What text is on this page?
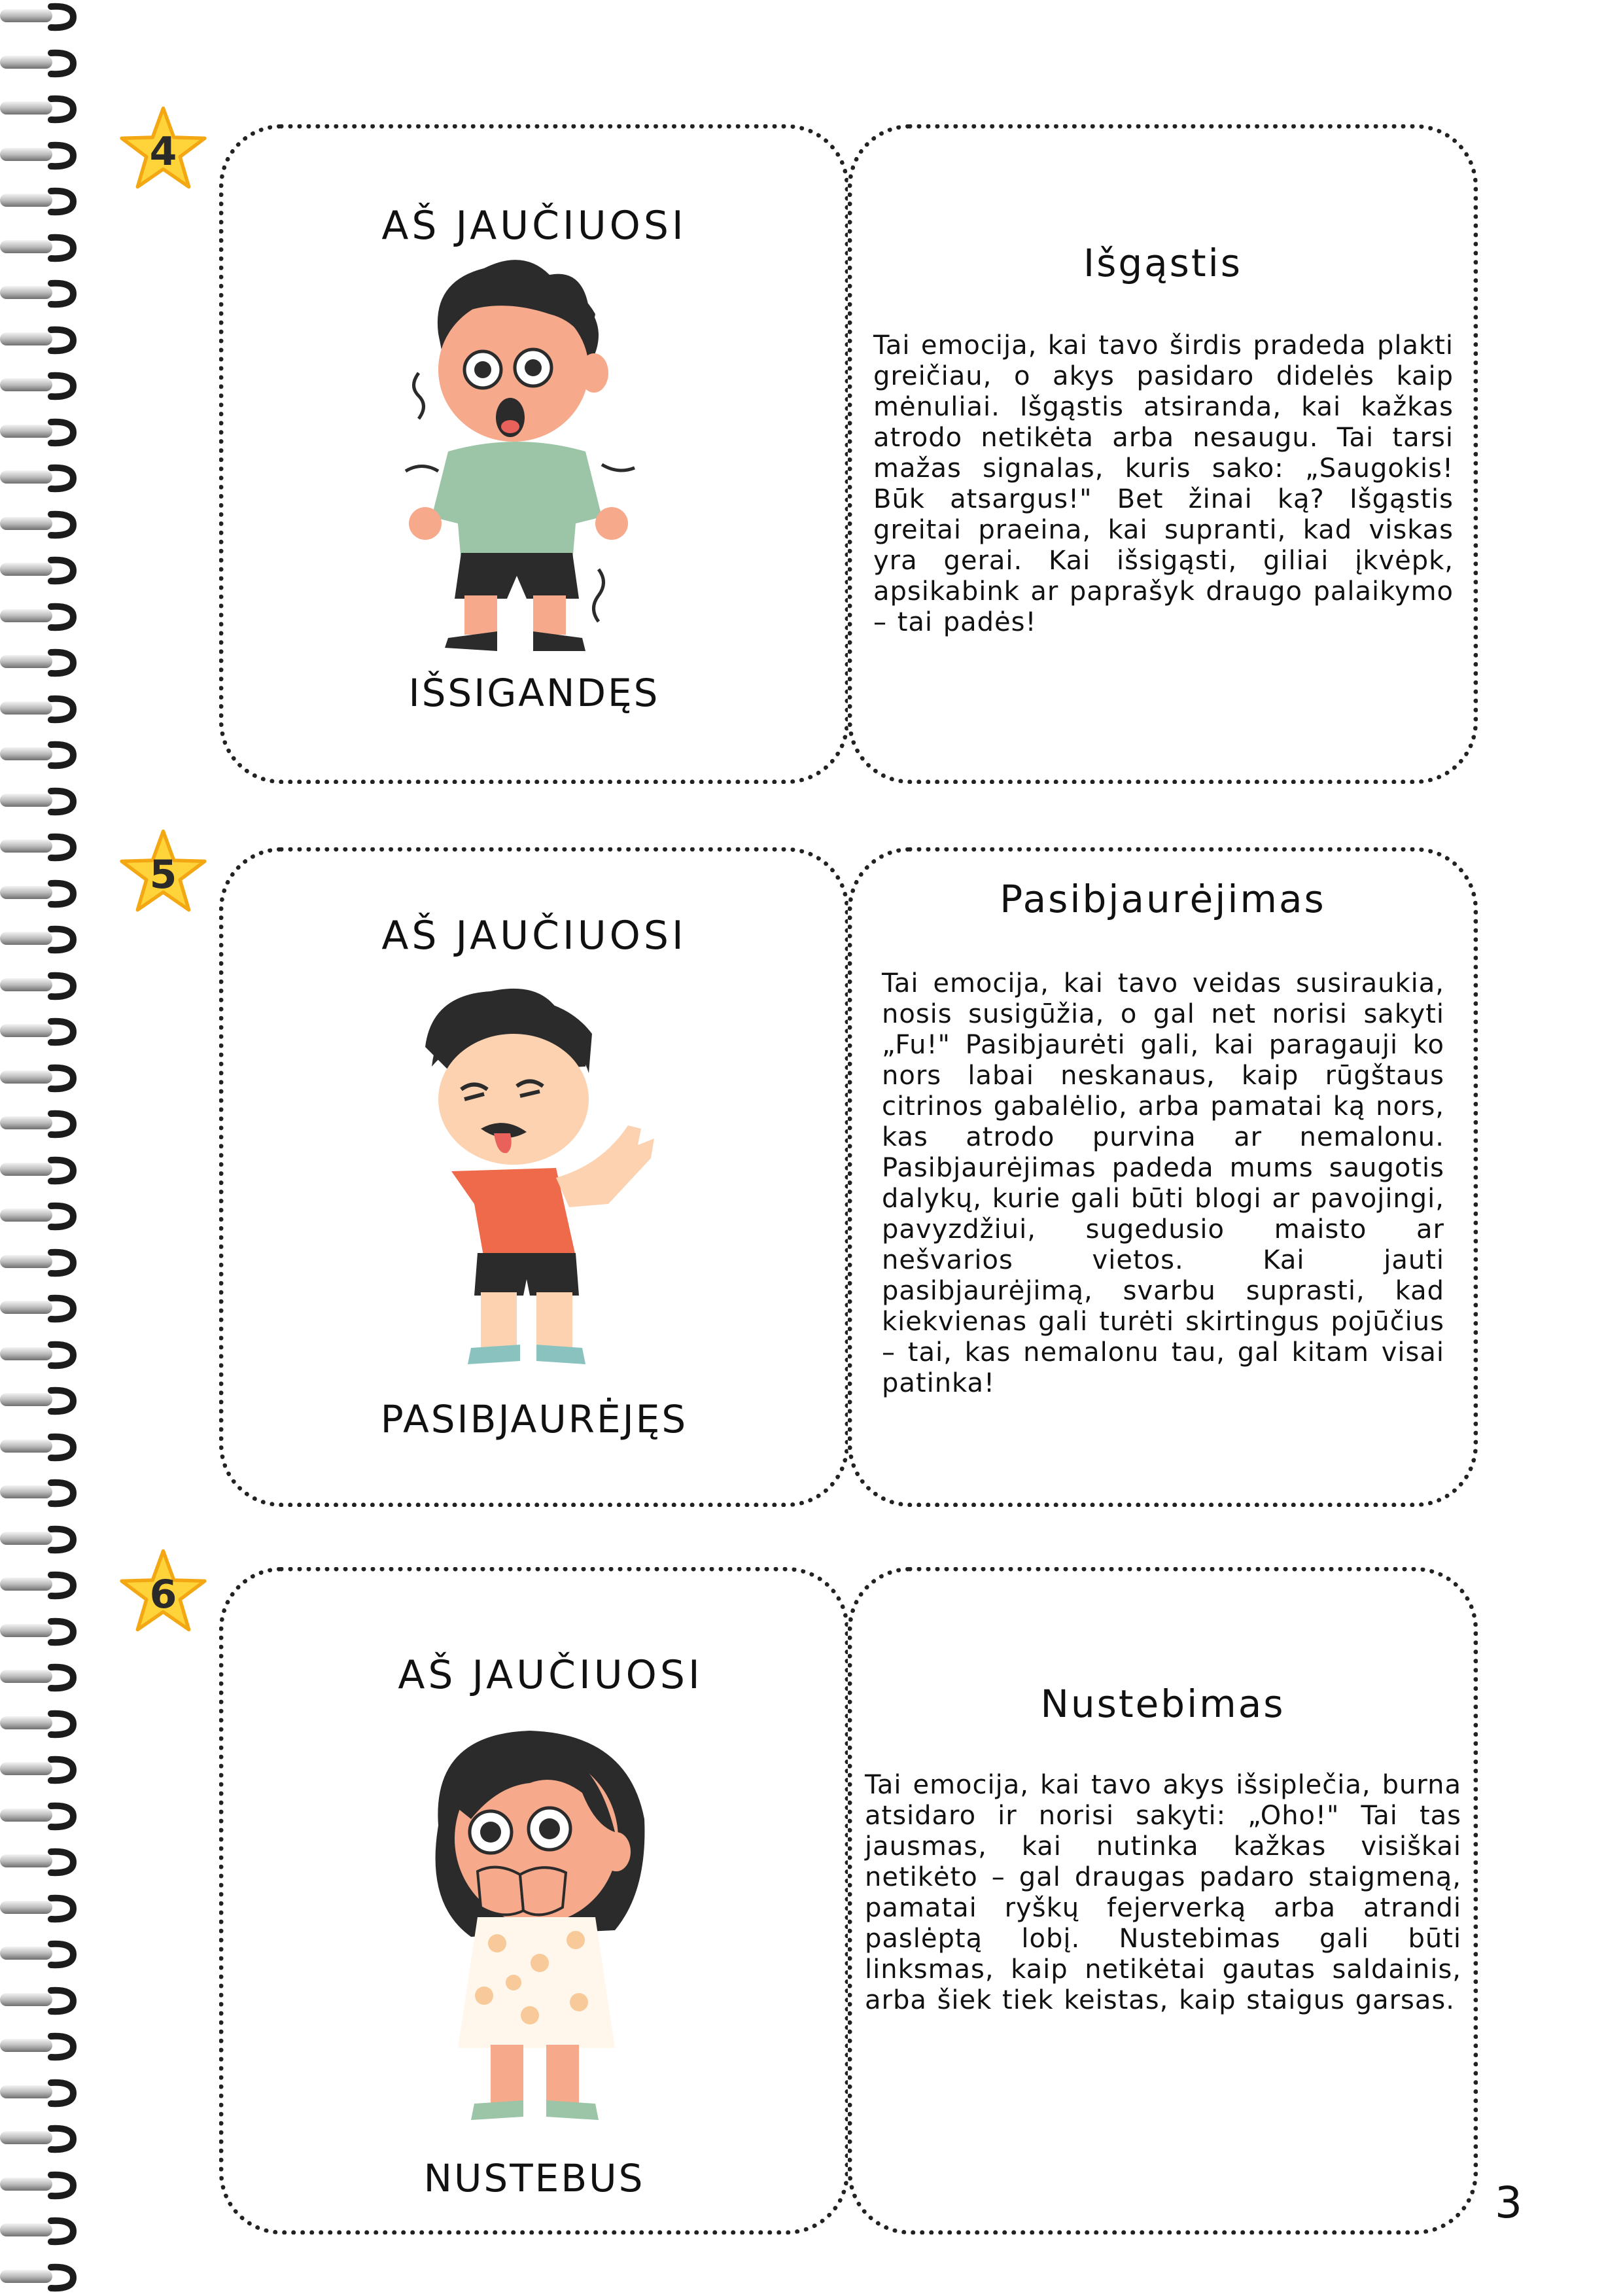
4
AŠ JAUČIUOSI
IŠSIGANDĘS
Išgąstis
Tai emocija, kai tavo širdis pradeda plakti greičiau, o akys pasidaro didelės kaip mėnuliai. Išgąstis atsiranda, kai kažkas atrodo netikėta arba nesaugu. Tai tarsi mažas signalas, kuris sako: „Saugokis! Būk atsargus!" Bet žinai ką? Išgąstis greitai praeina, kai supranti, kad viskas yra gerai. Kai išsigąsti, giliai įkvėpk, apsikabink ar paprašyk draugo palaikymo – tai padės!
5
AŠ JAUČIUOSI
PASIBJAURĖJĘS
Pasibjaurėjimas
Tai emocija, kai tavo veidas susiraukia, nosis susigūžia, o gal net norisi sakyti „Fu!" Pasibjaurėti gali, kai paragauji ko nors labai neskanaus, kaip rūgštaus citrinos gabalėlio, arba pamatai ką nors, kas atrodo purvina ar nemalonu. Pasibjaurėjimas padeda mums saugotis dalykų, kurie gali būti blogi ar pavojingi, pavyzdžiui, sugedusio maisto ar nešvarios vietos. Kai jauti pasibjaurėjimą, svarbu suprasti, kad kiekvienas gali turėti skirtingus pojūčius – tai, kas nemalonu tau, gal kitam visai patinka!
6
AŠ JAUČIUOSI
NUSTEBUS
Nustebimas
Tai emocija, kai tavo akys išsiplečia, burna atsidaro ir norisi sakyti: „Oho!" Tai tas jausmas, kai nutinka kažkas visiškai netikėto – gal draugas padaro staigmeną, pamatai ryškų fejerverką arba atrandi paslėptą lobį. Nustebimas gali būti linksmas, kaip netikėtai gautas saldainis, arba šiek tiek keistas, kaip staigus garsas.
3
